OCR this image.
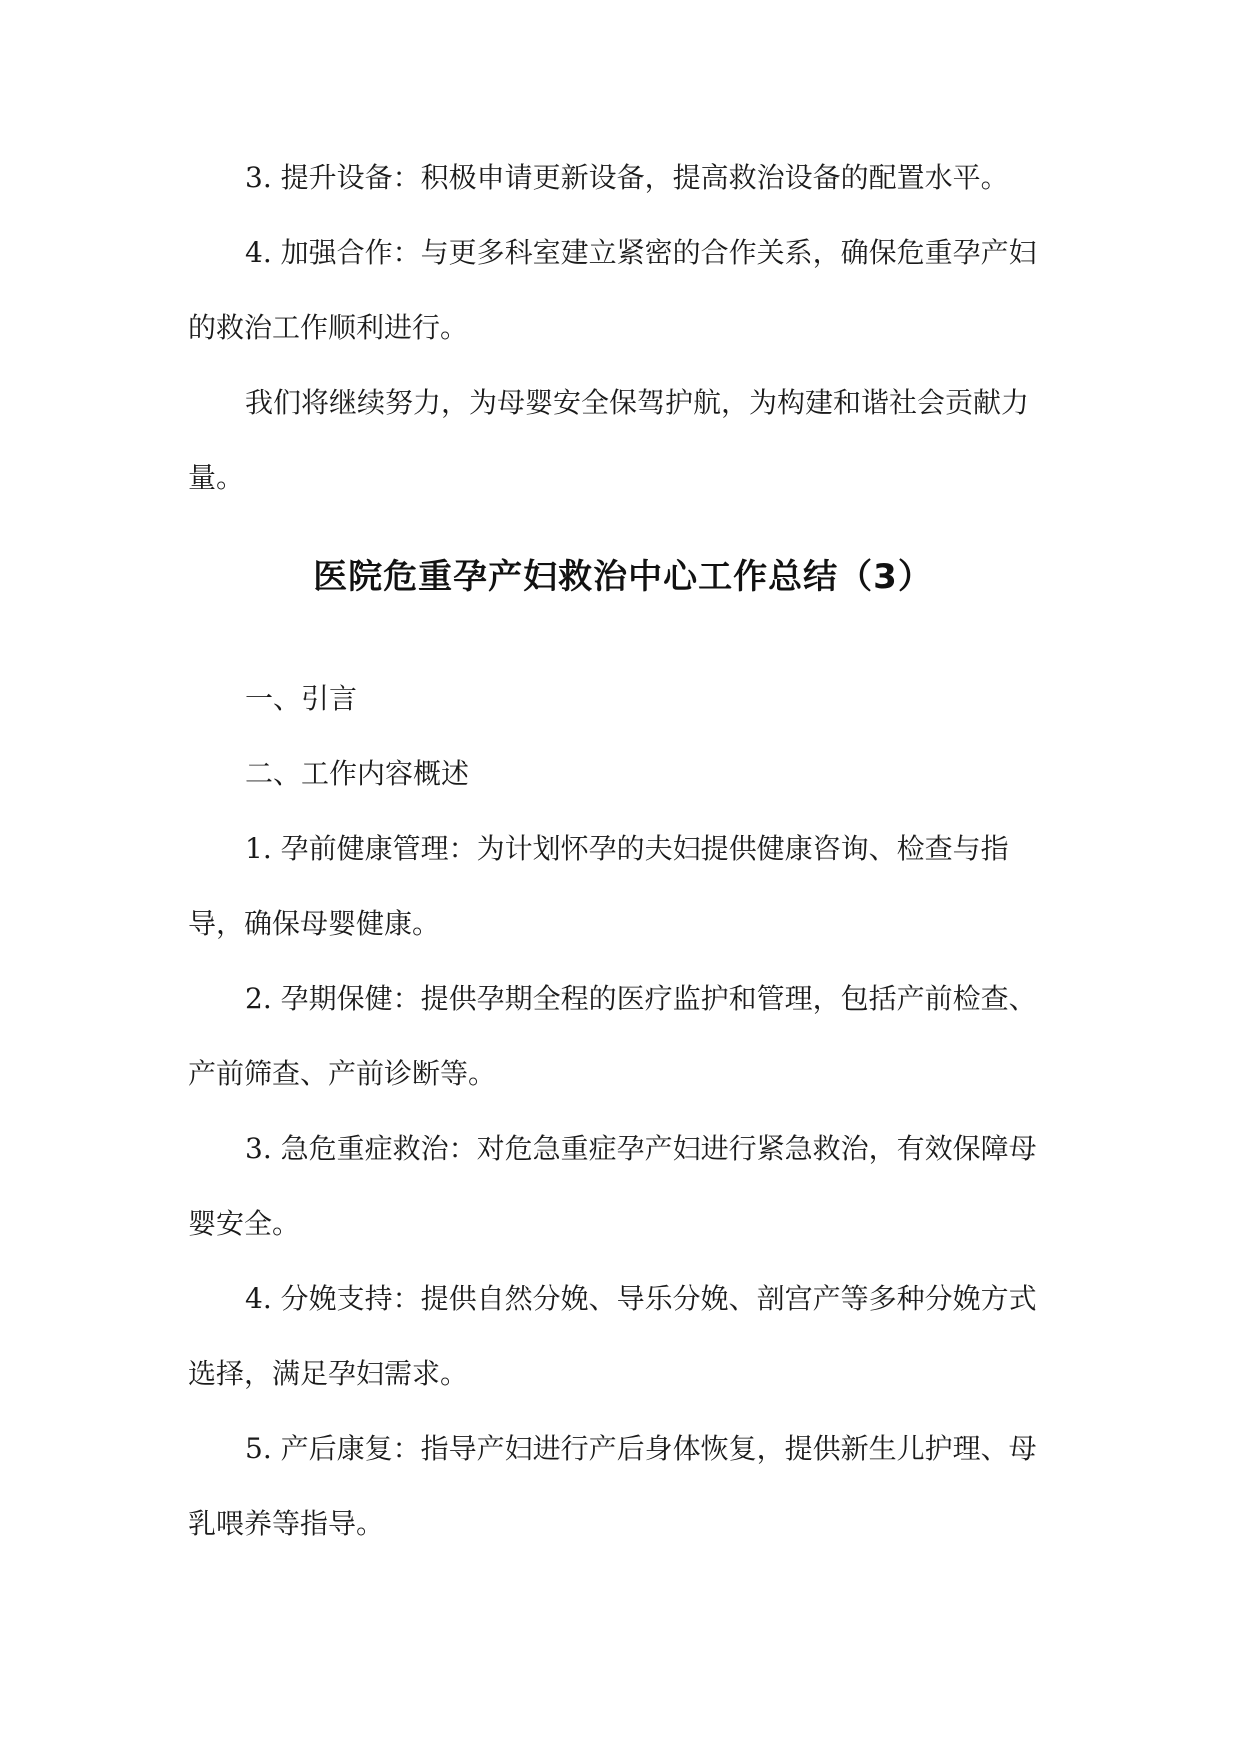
3. 提升设备：积极申请更新设备，提高救治设备的配置水平。

4. 加强合作：与更多科室建立紧密的合作关系，确保危重孕产妇的救治工作顺利进行。

我们将继续努力，为母婴安全保驾护航，为构建和谐社会贡献力量。

医院危重孕产妇救治中心工作总结（3）

一、引言

二、工作内容概述

1. 孕前健康管理：为计划怀孕的夫妇提供健康咨询、检查与指导，确保母婴健康。

2. 孕期保健：提供孕期全程的医疗监护和管理，包括产前检查、产前筛查、产前诊断等。

3. 急危重症救治：对危急重症孕产妇进行紧急救治，有效保障母婴安全。

4. 分娩支持：提供自然分娩、导乐分娩、剖宫产等多种分娩方式选择，满足孕妇需求。

5. 产后康复：指导产妇进行产后身体恢复，提供新生儿护理、母乳喂养等指导。
